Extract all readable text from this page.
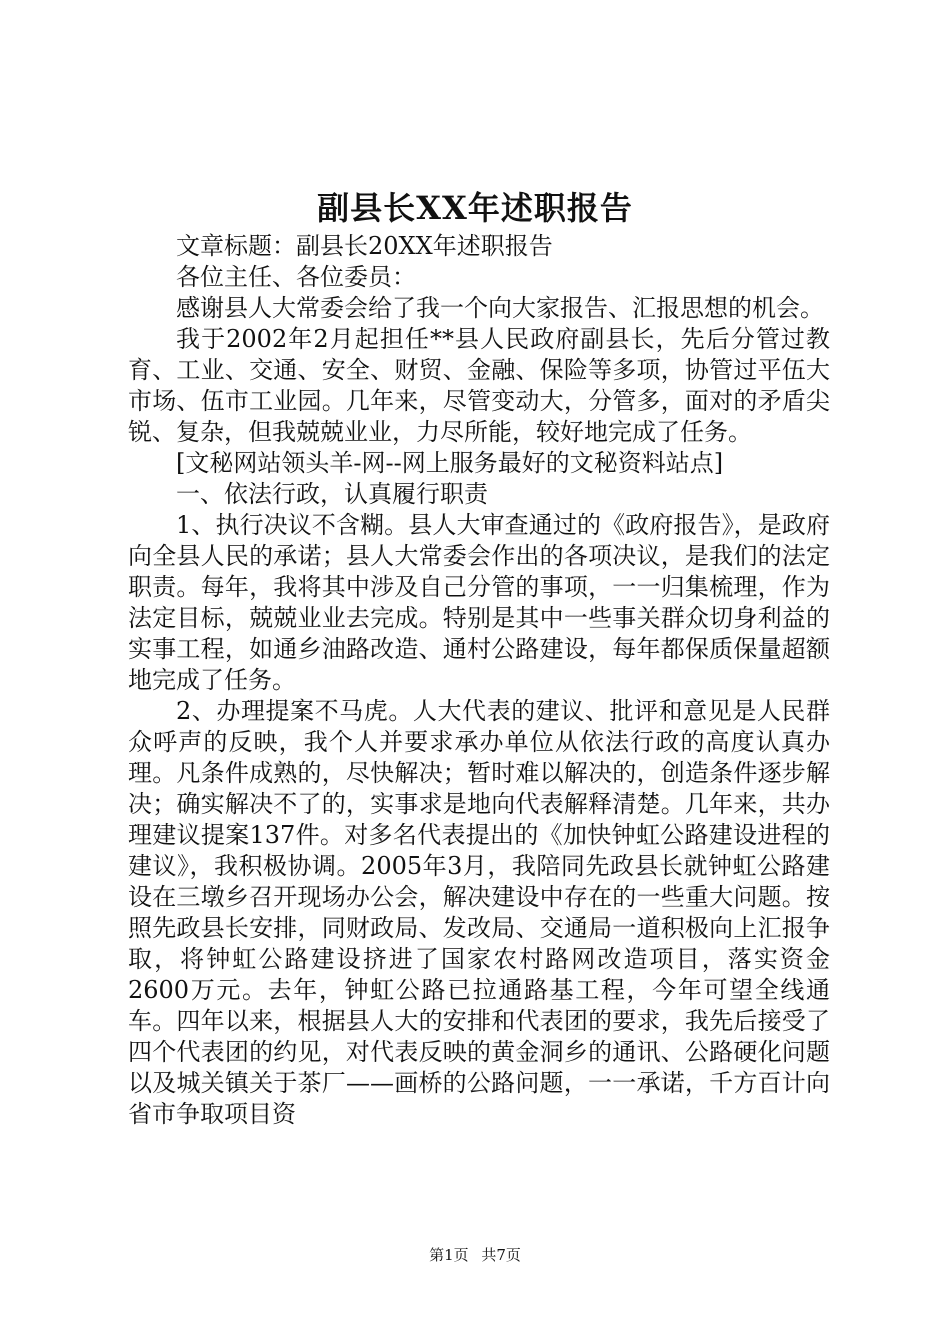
副县长XX年述职报告

文章标题：副县长20XX年述职报告

各位主任、各位委员：

感谢县人大常委会给了我一个向大家报告、汇报思想的机会。

我于2002年2月起担任**县人民政府副县长，先后分管过教育、工业、交通、安全、财贸、金融、保险等多项，协管过平伍大市场、伍市工业园。几年来，尽管变动大，分管多，面对的矛盾尖锐、复杂，但我兢兢业业，力尽所能，较好地完成了任务。

[文秘网站领头羊-网--网上服务最好的文秘资料站点]

一、依法行政，认真履行职责

1、执行决议不含糊。县人大审查通过的《政府报告》，是政府向全县人民的承诺；县人大常委会作出的各项决议，是我们的法定职责。每年，我将其中涉及自己分管的事项，一一归集梳理，作为法定目标，兢兢业业去完成。特别是其中一些事关群众切身利益的实事工程，如通乡油路改造、通村公路建设，每年都保质保量超额地完成了任务。

2、办理提案不马虎。人大代表的建议、批评和意见是人民群众呼声的反映，我个人并要求承办单位从依法行政的高度认真办理。凡条件成熟的，尽快解决；暂时难以解决的，创造条件逐步解决；确实解决不了的，实事求是地向代表解释清楚。几年来，共办理建议提案137件。对多名代表提出的《加快钟虹公路建设进程的建议》，我积极协调。2005年3月，我陪同先政县长就钟虹公路建设在三墩乡召开现场办公会，解决建设中存在的一些重大问题。按照先政县长安排，同财政局、发改局、交通局一道积极向上汇报争取，将钟虹公路建设挤进了国家农村路网改造项目，落实资金2600万元。去年，钟虹公路已拉通路基工程，今年可望全线通车。四年以来，根据县人大的安排和代表团的要求，我先后接受了四个代表团的约见，对代表反映的黄金洞乡的通讯、公路硬化问题以及城关镇关于茶厂——画桥的公路问题，一一承诺，千方百计向省市争取项目资

第1页 共7页
